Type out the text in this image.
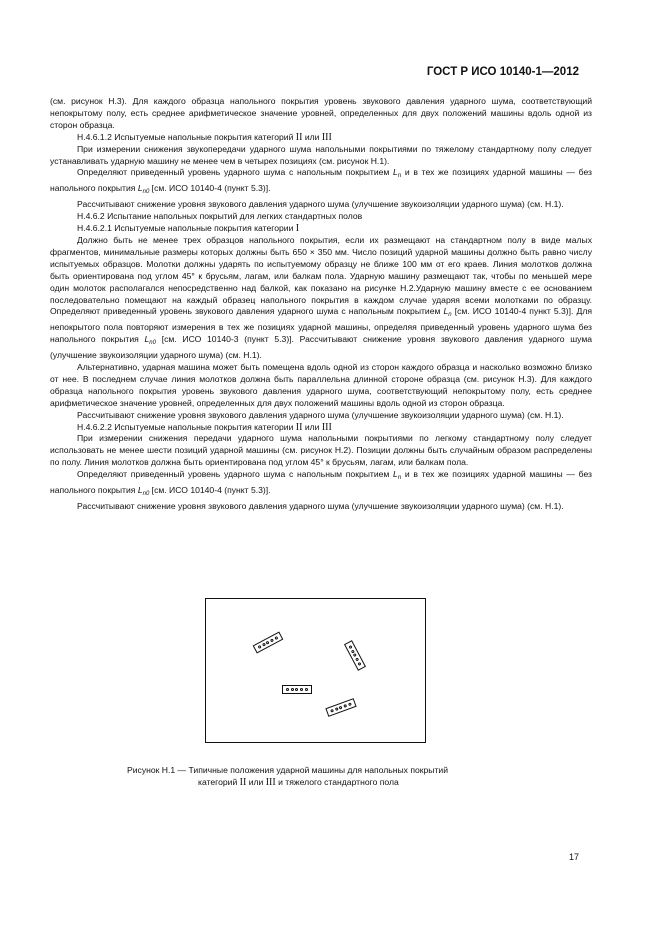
ГОСТ Р ИСО 10140-1—2012

(см. рисунок Н.3). Для каждого образца напольного покрытия уровень звукового давления ударного шума, соответствующий непокрытому полу, есть среднее арифметическое значение уровней, определенных для двух положений машины вдоль одной из сторон образца.

Н.4.6.1.2 Испытуемые напольные покрытия категорий II или III

При измерении снижения звукопередачи ударного шума напольными покрытиями по тяжелому стандартному полу следует устанавливать ударную машину не менее чем в четырех позициях (см. рисунок Н.1).

Определяют приведенный уровень ударного шума с напольным покрытием $L_n$ и в тех же позициях ударной машины — без напольного покрытия $L_{n0}$ [см. ИСО 10140-4 (пункт 5.3)].

Рассчитывают снижение уровня звукового давления ударного шума (улучшение звукоизоляции ударного шума) (см. Н.1).

Н.4.6.2 Испытание напольных покрытий для легких стандартных полов

Н.4.6.2.1 Испытуемые напольные покрытия категории I

Должно быть не менее трех образцов напольного покрытия, если их размещают на стандартном полу в виде малых фрагментов, минимальные размеры которых должны быть 650 × 350 мм. Число позиций ударной машины должно быть равно числу испытуемых образцов. Молотки должны ударять по испытуемому образцу не ближе 100 мм от его краев. Линия молотков должна быть ориентирована под углом 45° к брусьям, лагам, или балкам пола. Ударную машину размещают так, чтобы по меньшей мере один молоток располагался непосредственно над балкой, как показано на рисунке Н.2.Ударную машину вместе с ее основанием последовательно помещают на каждый образец напольного покрытия в каждом случае ударяя всеми молотками по образцу. Определяют приведенный уровень звукового давления ударного шума с напольным покрытием $L_n$ [см. ИСО 10140-4 пункт 5.3)]. Для непокрытого пола повторяют измерения в тех же позициях ударной машины, определяя приведенный уровень ударного шума без напольного покрытия $L_{n0}$ [см. ИСО 10140-3 (пункт 5.3)]. Рассчитывают снижение уровня звукового давления ударного шума (улучшение звукоизоляции ударного шума) (см. Н.1).

Альтернативно, ударная машина может быть помещена вдоль одной из сторон каждого образца и насколько возможно близко от нее. В последнем случае линия молотков должна быть параллельна длинной стороне образца (см. рисунок Н.3). Для каждого образца напольного покрытия уровень звукового давления ударного шума, соответствующий непокрытому полу, есть среднее арифметическое значение уровней, определенных для двух положений машины вдоль одной из сторон образца.

Рассчитывают снижение уровня звукового давления ударного шума (улучшение звукоизоляции ударного шума) (см. Н.1).

Н.4.6.2.2 Испытуемые напольные покрытия категории II или III

При измерении снижения передачи ударного шума напольными покрытиями по легкому стандартному полу следует использовать не менее шести позиций ударной машины (см. рисунок Н.2). Позиции должны быть случайным образом распределены по полу. Линия молотков должна быть ориентирована под углом 45° к брусьям, лагам, или балкам пола.

Определяют приведенный уровень ударного шума с напольным покрытием $L_n$ и в тех же позициях ударной машины — без напольного покрытия $L_{n0}$ [см. ИСО 10140-4 (пункт 5.3)].

Рассчитывают снижение уровня звукового давления ударного шума (улучшение звукоизоляции ударного шума) (см. Н.1).

Рисунок Н.1 — Типичные положения ударной машины для напольных покрытий
категорий II или III и тяжелого стандартного пола
17
